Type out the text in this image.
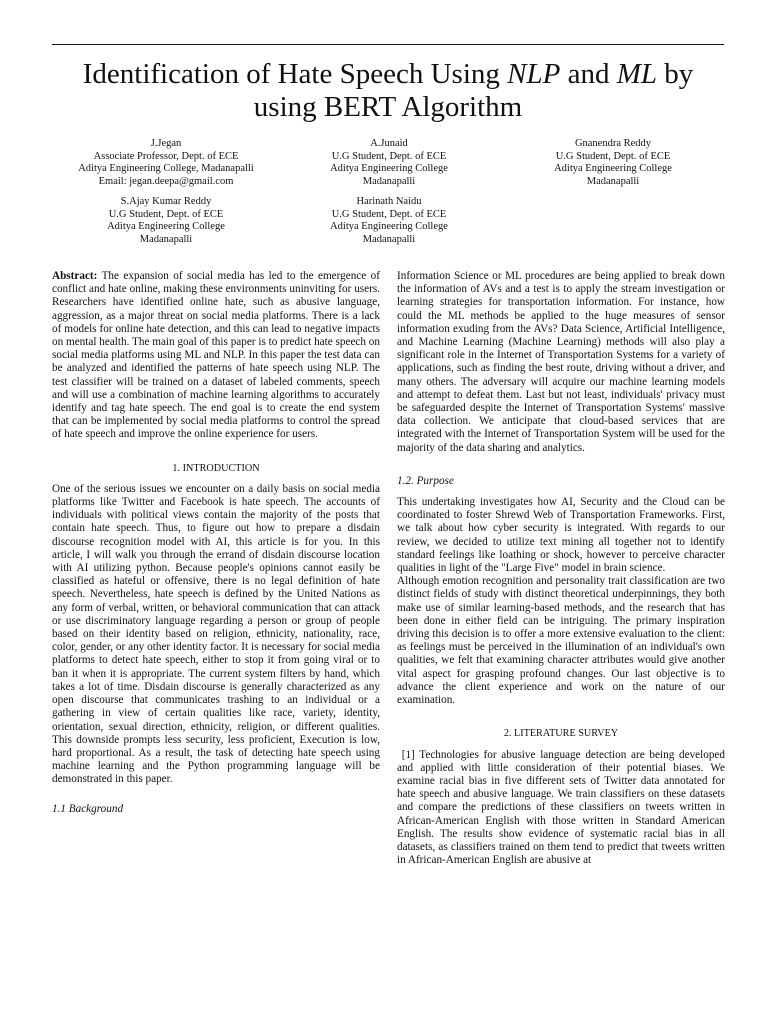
Identification of Hate Speech Using NLP and ML by
using BERT Algorithm
J.Jegan
Associate Professor, Dept. of ECE
Aditya Engineering College, Madanapalli
Email: jegan.deepa@gmail.com
A.Junaid
U.G Student, Dept. of ECE
Aditya Engineering College
Madanapalli
Gnanendra Reddy
U.G Student, Dept. of ECE
Aditya Engineering College
Madanapalli
S.Ajay Kumar Reddy
U.G Student, Dept. of ECE
Aditya Engineering College
Madanapalli
Harinath Naidu
U.G Student, Dept. of ECE
Aditya Engineering College
Madanapalli

Abstract: The expansion of social media has led to the emergence of conflict and hate online, making these environments uninviting for users. Researchers have identified online hate, such as abusive language, aggression, as a major threat on social media platforms. There is a lack of models for online hate detection, and this can lead to negative impacts on mental health. The main goal of this paper is to predict hate speech on social media platforms using ML and NLP. In this paper the test data can be analyzed and identified the patterns of hate speech using NLP. The test classifier will be trained on a dataset of labeled comments, speech and will use a combination of machine learning algorithms to accurately identify and tag hate speech. The end goal is to create the end system that can be implemented by social media platforms to control the spread of hate speech and improve the online experience for users.

1. INTRODUCTION

One of the serious issues we encounter on a daily basis on social media platforms like Twitter and Facebook is hate speech. The accounts of individuals with political views contain the majority of the posts that contain hate speech. Thus, to figure out how to prepare a disdain discourse recognition model with AI, this article is for you. In this article, I will walk you through the errand of disdain discourse location with AI utilizing python. Because people's opinions cannot easily be classified as hateful or offensive, there is no legal definition of hate speech. Nevertheless, hate speech is defined by the United Nations as any form of verbal, written, or behavioral communication that can attack or use discriminatory language regarding a person or group of people based on their identity based on religion, ethnicity, nationality, race, color, gender, or any other identity factor. It is necessary for social media platforms to detect hate speech, either to stop it from going viral or to ban it when it is appropriate. The current system filters by hand, which takes a lot of time. Disdain discourse is generally characterized as any open discourse that communicates trashing to an individual or a gathering in view of certain qualities like race, variety, identity, orientation, sexual direction, ethnicity, religion, or different qualities. This downside prompts less security, less proficient, Execution is low, hard proportional. As a result, the task of detecting hate speech using machine learning and the Python programming language will be demonstrated in this paper.

1.1 Background

Information Science or ML procedures are being applied to break down the information of AVs and a test is to apply the stream investigation or learning strategies for transportation information. For instance, how could the ML methods be applied to the huge measures of sensor information exuding from the AVs? Data Science, Artificial Intelligence, and Machine Learning (Machine Learning) methods will also play a significant role in the Internet of Transportation Systems for a variety of applications, such as finding the best route, driving without a driver, and many others. The adversary will acquire our machine learning models and attempt to defeat them. Last but not least, individuals' privacy must be safeguarded despite the Internet of Transportation Systems' massive data collection. We anticipate that cloud-based services that are integrated with the Internet of Transportation System will be used for the majority of the data sharing and analytics.

1.2. Purpose

This undertaking investigates how AI, Security and the Cloud can be coordinated to foster Shrewd Web of Transportation Frameworks. First, we talk about how cyber security is integrated. With regards to our review, we decided to utilize text mining all together not to identify standard feelings like loathing or shock, however to perceive character qualities in light of the "Large Five" model in brain science.

Although emotion recognition and personality trait classification are two distinct fields of study with distinct theoretical underpinnings, they both make use of similar learning-based methods, and the research that has been done in either field can be intriguing. The primary inspiration driving this decision is to offer a more extensive evaluation to the client: as feelings must be perceived in the illumination of an individual's own qualities, we felt that examining character attributes would give another vital aspect for grasping profound changes. Our last objective is to advance the client experience and work on the nature of our examination.

2. LITERATURE SURVEY

[1] Technologies for abusive language detection are being developed and applied with little consideration of their potential biases. We examine racial bias in five different sets of Twitter data annotated for hate speech and abusive language. We train classifiers on these datasets and compare the predictions of these classifiers on tweets written in African-American English with those written in Standard American English. The results show evidence of systematic racial bias in all datasets, as classifiers trained on them tend to predict that tweets written in African-American English are abusive at
